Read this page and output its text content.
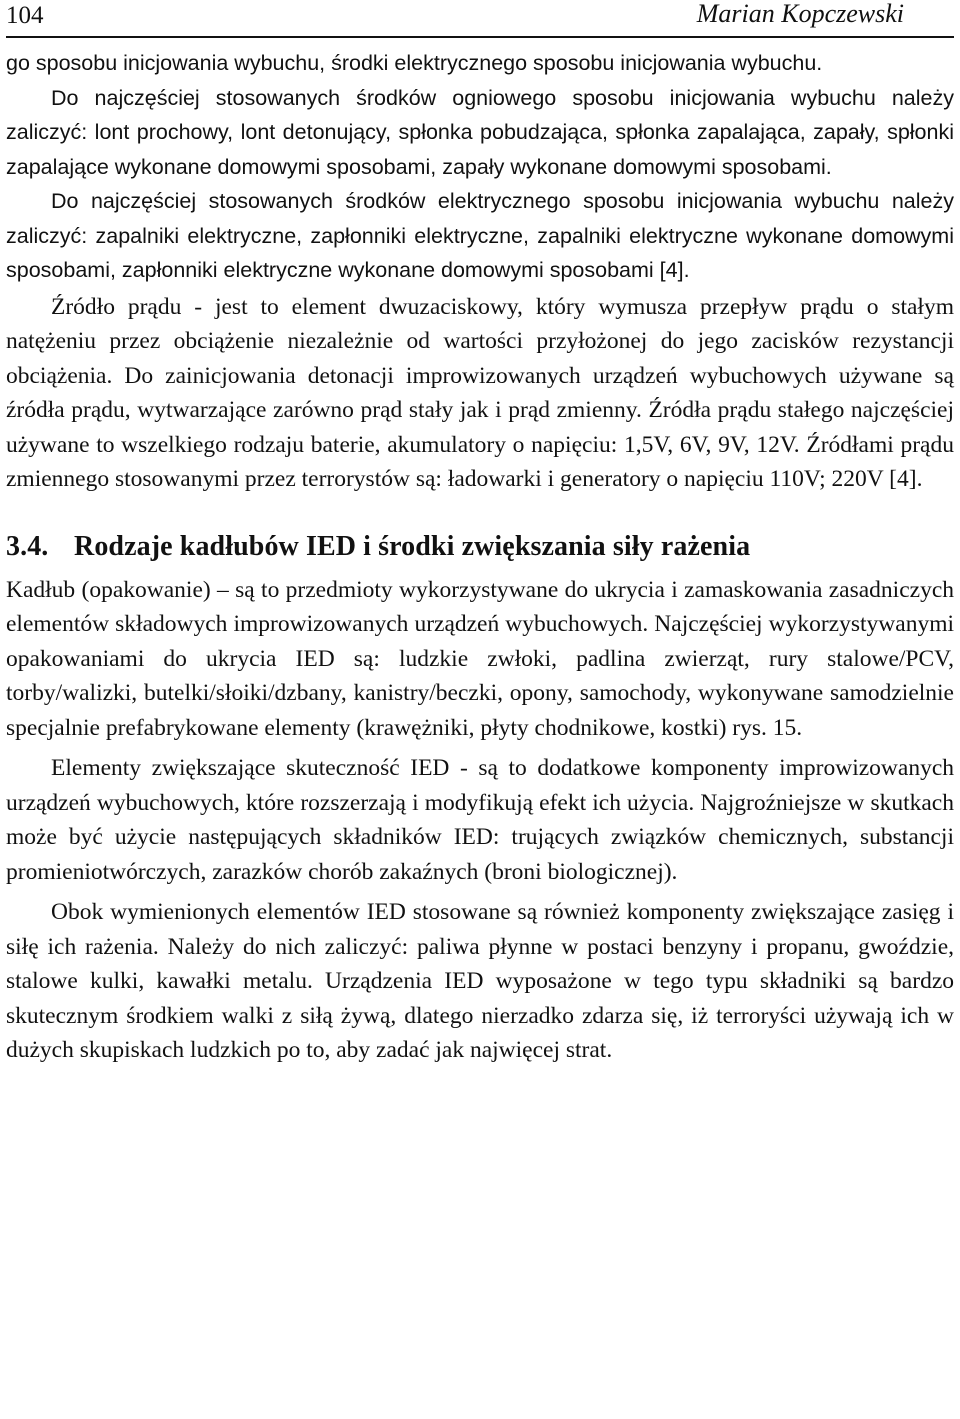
104	Marian Kopczewski

go sposobu inicjowania wybuchu, środki elektrycznego sposobu inicjowania wybuchu.

Do najczęściej stosowanych środków ogniowego sposobu inicjowania wybuchu należy zaliczyć: lont prochowy, lont detonujący, spłonka pobudzająca, spłonka zapalająca, zapały, spłonki zapalające wykonane domowymi sposobami, zapały wykonane domowymi sposobami.

Do najczęściej stosowanych środków elektrycznego sposobu inicjowania wybuchu należy zaliczyć: zapalniki elektryczne, zapłonniki elektryczne, zapalniki elektryczne wykonane domowymi sposobami, zapłonniki elektryczne wykonane domowymi sposobami [4].

Źródło prądu - jest to element dwuzaciskowy, który wymusza przepływ prądu o stałym natężeniu przez obciążenie niezależnie od wartości przyłożonej do jego zacisków rezystancji obciążenia. Do zainicjowania detonacji improwizowanych urządzeń wybuchowych używane są źródła prądu, wytwarzające zarówno prąd stały jak i prąd zmienny. Źródła prądu stałego najczęściej używane to wszelkiego rodzaju baterie, akumulatory o napięciu: 1,5V, 6V, 9V, 12V. Źródłami prądu zmiennego stosowanymi przez terrorystów są: ładowarki i generatory o napięciu 110V; 220V [4].

3.4. Rodzaje kadłubów IED i środki zwiększania siły rażenia

Kadłub (opakowanie) – są to przedmioty wykorzystywane do ukrycia i zamaskowania zasadniczych elementów składowych improwizowanych urządzeń wybuchowych. Najczęściej wykorzystywanymi opakowaniami do ukrycia IED są: ludzkie zwłoki, padlina zwierząt, rury stalowe/PCV, torby/walizki, butelki/słoiki/dzbany, kanistry/beczki, opony, samochody, wykonywane samodzielnie specjalnie prefabrykowane elementy (krawężniki, płyty chodnikowe, kostki) rys. 15.

Elementy zwiększające skuteczność IED - są to dodatkowe komponenty improwizowanych urządzeń wybuchowych, które rozszerzają i modyfikują efekt ich użycia. Najgroźniejsze w skutkach może być użycie następujących składników IED: trujących związków chemicznych, substancji promieniotwórczych, zarazków chorób zakaźnych (broni biologicznej).

Obok wymienionych elementów IED stosowane są również komponenty zwiększające zasięg i siłę ich rażenia. Należy do nich zaliczyć: paliwa płynne w postaci benzyny i propanu, gwoździe, stalowe kulki, kawałki metalu. Urządzenia IED wyposażone w tego typu składniki są bardzo skutecznym środkiem walki z siłą żywą, dlatego nierzadko zdarza się, iż terroryści używają ich w dużych skupiskach ludzkich po to, aby zadać jak najwięcej strat.
